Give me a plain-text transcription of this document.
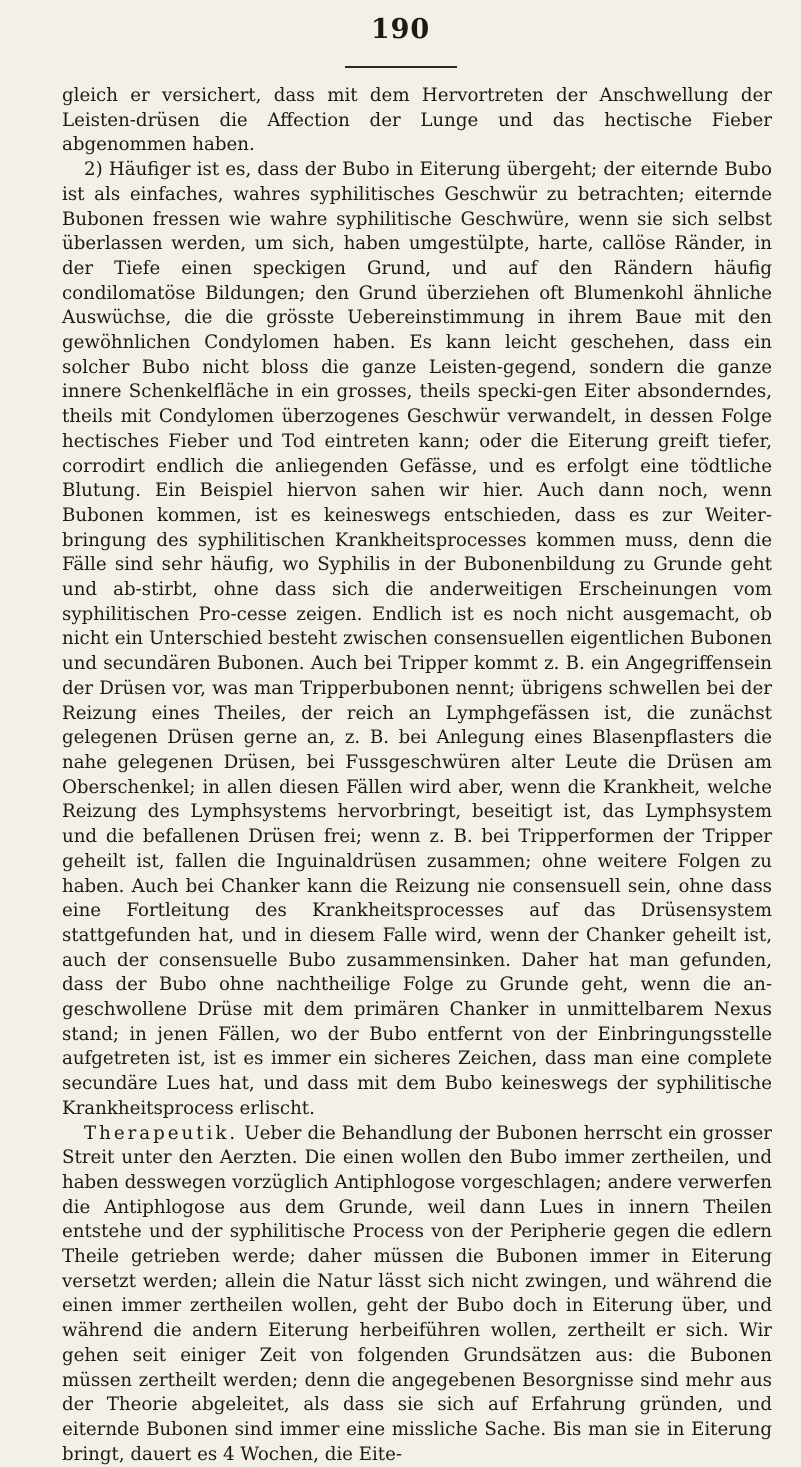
190

gleich er versichert, dass mit dem Hervortreten der Anschwellung der Leisten-drüsen die Affection der Lunge und das hectische Fieber abgenommen haben.

2) Häufiger ist es, dass der Bubo in Eiterung übergeht; der eiternde Bubo ist als einfaches, wahres syphilitisches Geschwür zu betrachten; eiternde Bubonen fressen wie wahre syphilitische Geschwüre, wenn sie sich selbst überlassen werden, um sich, haben umgestülpte, harte, callöse Ränder, in der Tiefe einen speckigen Grund, und auf den Rändern häufig condilomatöse Bildungen; den Grund überziehen oft Blumenkohl ähnliche Auswüchse, die die grösste Uebereinstimmung in ihrem Baue mit den gewöhnlichen Condylomen haben. Es kann leicht geschehen, dass ein solcher Bubo nicht bloss die ganze Leisten-gegend, sondern die ganze innere Schenkelfläche in ein grosses, theils specki-gen Eiter absonderndes, theils mit Condylomen überzogenes Geschwür verwandelt, in dessen Folge hectisches Fieber und Tod eintreten kann; oder die Eiterung greift tiefer, corrodirt endlich die anliegenden Gefässe, und es erfolgt eine tödtliche Blutung. Ein Beispiel hiervon sahen wir hier. Auch dann noch, wenn Bubonen kommen, ist es keineswegs entschieden, dass es zur Weiter-bringung des syphilitischen Krankheitsprocesses kommen muss, denn die Fälle sind sehr häufig, wo Syphilis in der Bubonenbildung zu Grunde geht und ab-stirbt, ohne dass sich die anderweitigen Erscheinungen vom syphilitischen Pro-cesse zeigen. Endlich ist es noch nicht ausgemacht, ob nicht ein Unterschied besteht zwischen consensuellen eigentlichen Bubonen und secundären Bubonen. Auch bei Tripper kommt z. B. ein Angegriffensein der Drüsen vor, was man Tripperbubonen nennt; übrigens schwellen bei der Reizung eines Theiles, der reich an Lymphgefässen ist, die zunächst gelegenen Drüsen gerne an, z. B. bei Anlegung eines Blasenpflasters die nahe gelegenen Drüsen, bei Fussgeschwüren alter Leute die Drüsen am Oberschenkel; in allen diesen Fällen wird aber, wenn die Krankheit, welche Reizung des Lymphsystems hervorbringt, beseitigt ist, das Lymphsystem und die befallenen Drüsen frei; wenn z. B. bei Tripperformen der Tripper geheilt ist, fallen die Inguinaldrüsen zusammen; ohne weitere Folgen zu haben. Auch bei Chanker kann die Reizung nie consensuell sein, ohne dass eine Fortleitung des Krankheitsprocesses auf das Drüsensystem stattgefunden hat, und in diesem Falle wird, wenn der Chanker geheilt ist, auch der consensuelle Bubo zusammensinken. Daher hat man gefunden, dass der Bubo ohne nachtheilige Folge zu Grunde geht, wenn die an-geschwollene Drüse mit dem primären Chanker in unmittelbarem Nexus stand; in jenen Fällen, wo der Bubo entfernt von der Einbringungsstelle aufgetreten ist, ist es immer ein sicheres Zeichen, dass man eine complete secundäre Lues hat, und dass mit dem Bubo keineswegs der syphilitische Krankheitsprocess erlischt.

Therapeutik. Ueber die Behandlung der Bubonen herrscht ein grosser Streit unter den Aerzten. Die einen wollen den Bubo immer zertheilen, und haben desswegen vorzüglich Antiphlogose vorgeschlagen; andere verwerfen die Antiphlogose aus dem Grunde, weil dann Lues in innern Theilen entstehe und der syphilitische Process von der Peripherie gegen die edlern Theile getrieben werde; daher müssen die Bubonen immer in Eiterung versetzt werden; allein die Natur lässt sich nicht zwingen, und während die einen immer zertheilen wollen, geht der Bubo doch in Eiterung über, und während die andern Eiterung herbeiführen wollen, zertheilt er sich. Wir gehen seit einiger Zeit von folgenden Grundsätzen aus: die Bubonen müssen zertheilt werden; denn die angegebenen Besorgnisse sind mehr aus der Theorie abgeleitet, als dass sie sich auf Erfahrung gründen, und eiternde Bubonen sind immer eine missliche Sache. Bis man sie in Eiterung bringt, dauert es 4 Wochen, die Eite-
